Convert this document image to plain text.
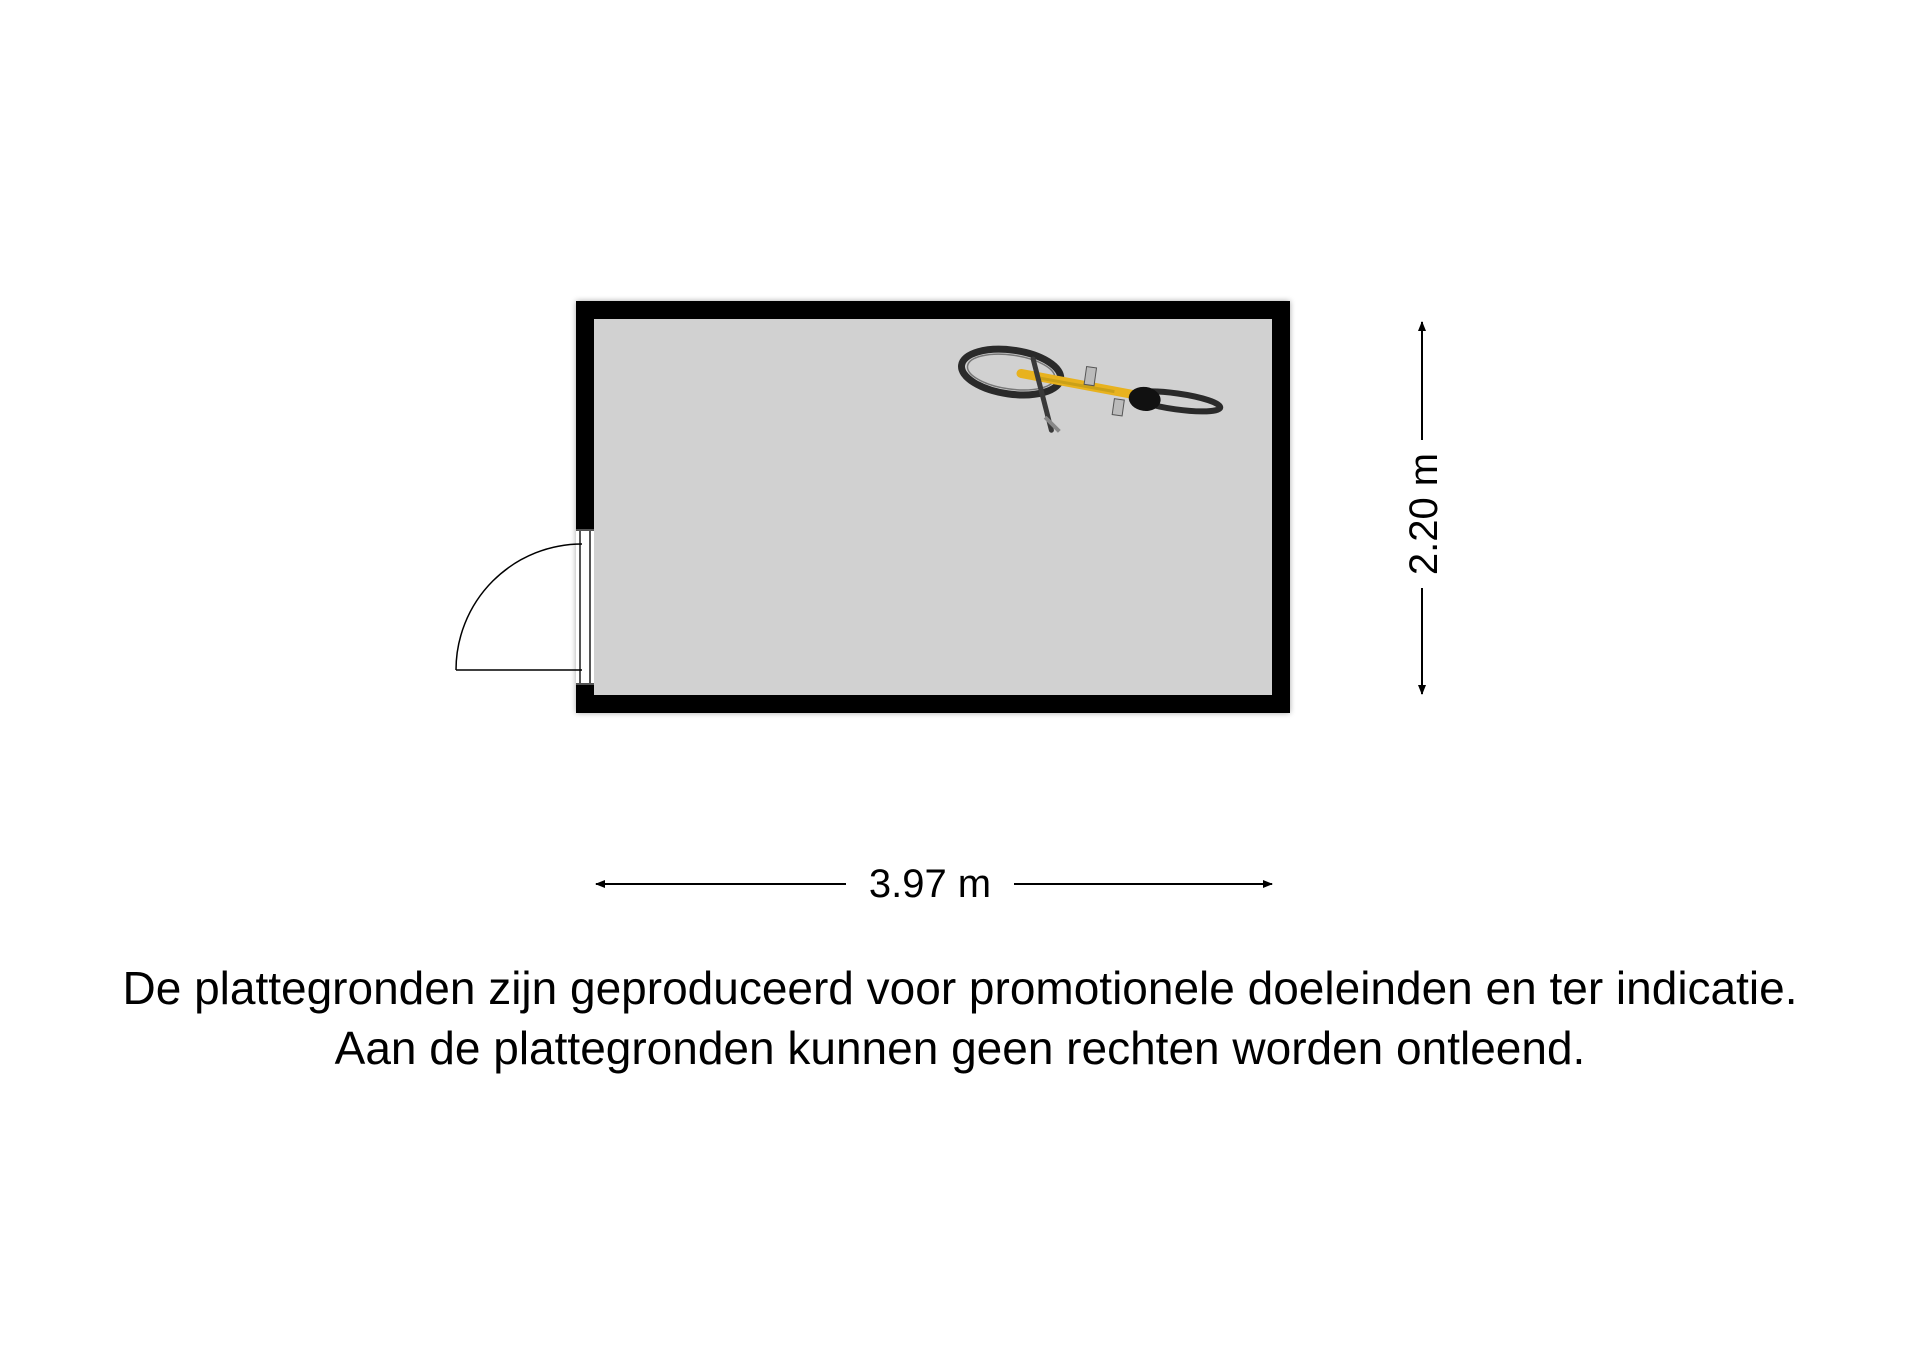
2.20 m
3.97 m
De plattegronden zijn geproduceerd voor promotionele doeleinden en ter indicatie.
Aan de plattegronden kunnen geen rechten worden ontleend.
